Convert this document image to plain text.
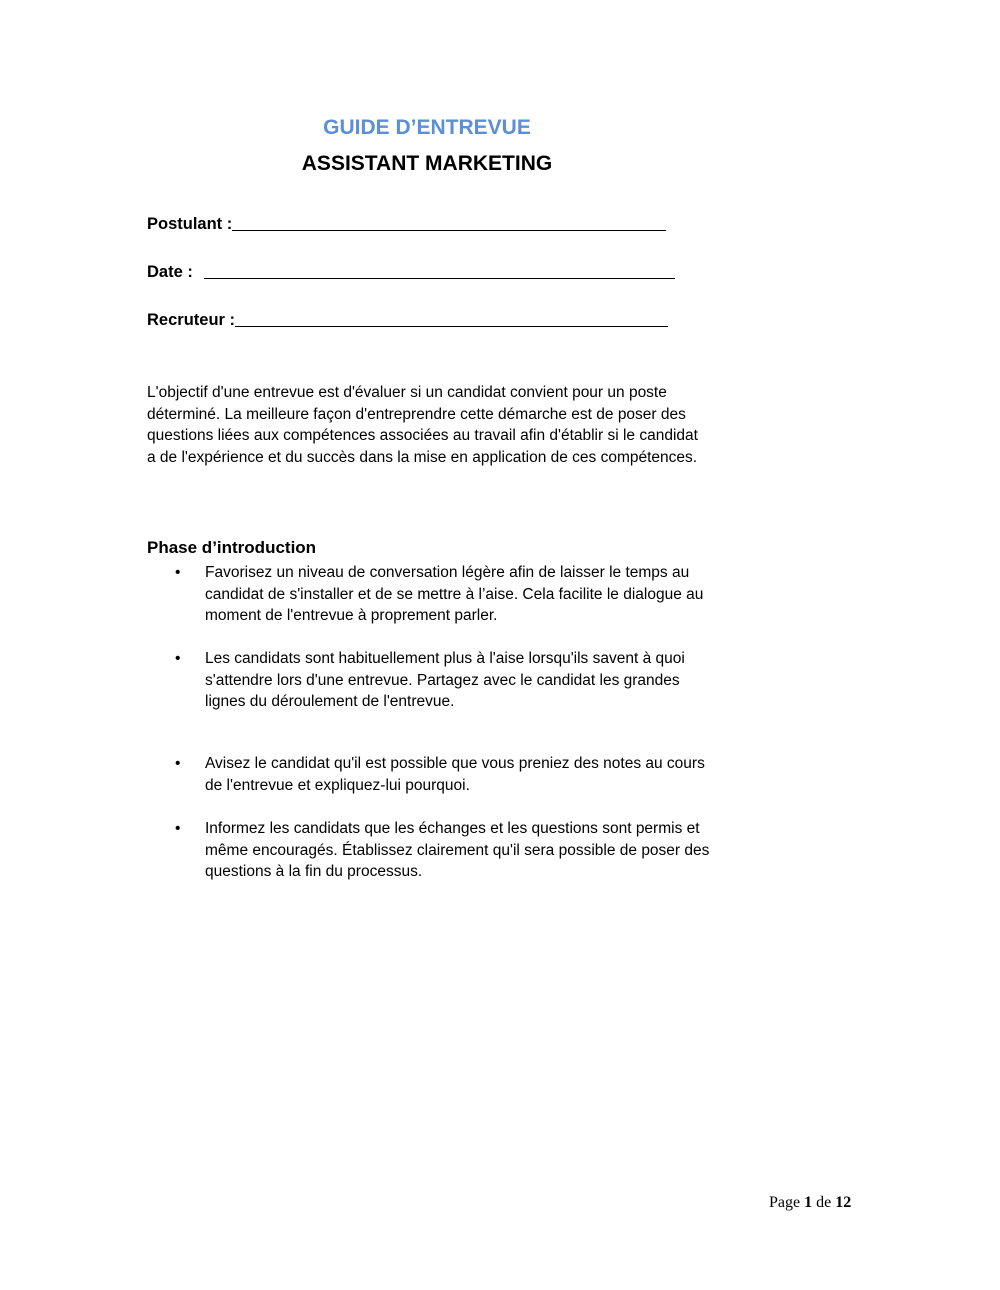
GUIDE D’ENTREVUE
ASSISTANT MARKETING
Postulant :
Date :
Recruteur :
L'objectif d'une entrevue est d'évaluer si un candidat convient pour un poste déterminé. La meilleure façon d'entreprendre cette démarche est de poser des questions liées aux compétences associées au travail afin d'établir si le candidat a de l'expérience et du succès dans la mise en application de ces compétences.
Phase d’introduction
• Favorisez un niveau de conversation légère afin de laisser le temps au candidat de s'installer et de se mettre à l’aise. Cela facilite le dialogue au moment de l'entrevue à proprement parler.
• Les candidats sont habituellement plus à l'aise lorsqu'ils savent à quoi s'attendre lors d'une entrevue. Partagez avec le candidat les grandes lignes du déroulement de l'entrevue.
• Avisez le candidat qu'il est possible que vous preniez des notes au cours de l'entrevue et expliquez-lui pourquoi.
• Informez les candidats que les échanges et les questions sont permis et même encouragés. Établissez clairement qu'il sera possible de poser des questions à la fin du processus.
Page 1 de 12
